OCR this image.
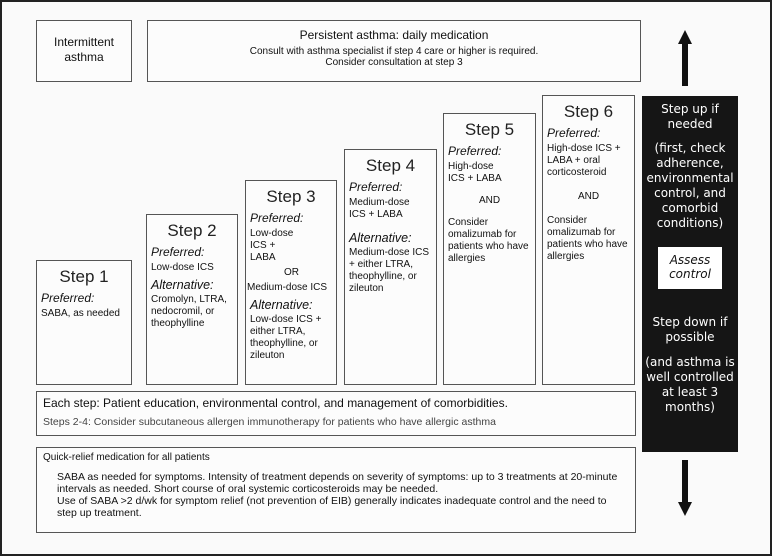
Intermittent asthma
Persistent asthma: daily medication
Consult with asthma specialist if step 4 care or higher is required.
Consider consultation at step 3
Step 1
Preferred:
SABA, as needed
Step 2
Preferred:
Low-dose ICS
Alternative:
Cromolyn, LTRA, nedocromil, or theophylline
Step 3
Preferred:
Low-dose ICS + LABA
OR
Medium-dose ICS
Alternative:
Low-dose ICS + either LTRA, theophylline, or zileuton
Step 4
Preferred:
Medium-dose ICS + LABA
Alternative:
Medium-dose ICS + either LTRA, theophylline, or zileuton
Step 5
Preferred:
High-dose ICS + LABA
AND
Consider omalizumab for patients who have allergies
Step 6
Preferred:
High-dose ICS + LABA + oral corticosteroid
AND
Consider omalizumab for patients who have allergies
Each step: Patient education, environmental control, and management of comorbidities.
Steps 2-4: Consider subcutaneous allergen immunotherapy for patients who have allergic asthma
Quick-relief medication for all patients
SABA as needed for symptoms. Intensity of treatment depends on severity of symptoms: up to 3 treatments at 20-minute intervals as needed. Short course of oral systemic corticosteroids may be needed.
Use of SABA >2 d/wk for symptom relief (not prevention of EIB) generally indicates inadequate control and the need to step up treatment.

Step up if needed

(first, check adherence, environmental control, and comorbid conditions)

Assess control

Step down if possible

(and asthma is well controlled at least 3 months)
